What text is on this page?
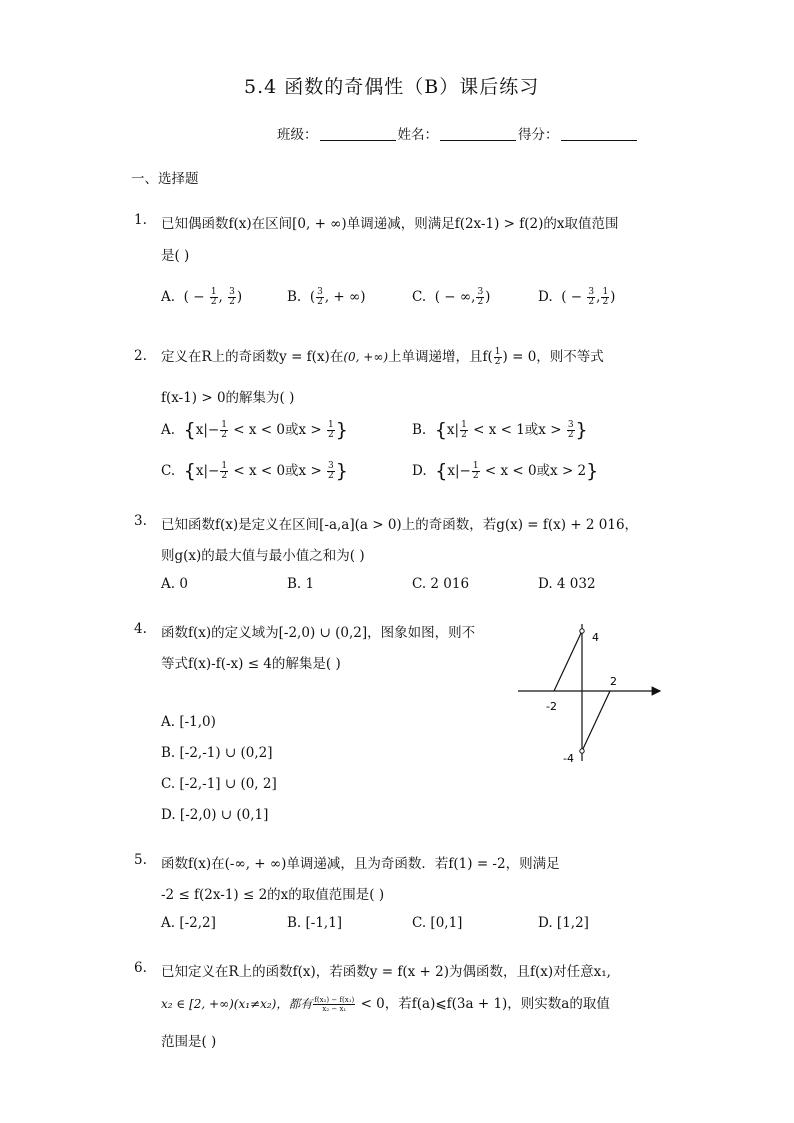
5.4 函数的奇偶性（B）课后练习
班级：	姓名：	得分：
一、选择题
1. 已知偶函数f(x)在区间[0, + ∞)单调递减，则满足f(2x-1) > f(2)的x取值范围
是( )
A. ( − $\frac{1}{2}$ , $\frac{3}{2}$ )	B. ( $\frac{3}{2}$ , + ∞)	C. ( − ∞, $\frac{3}{2}$ )	D. ( − $\frac{3}{2}$ , $\frac{1}{2}$ )
2. 定义在R上的奇函数y = f(x)在(0, +∞)上单调递增，且$f( \frac{1}{2}$ ) = 0，则不等式
f(x-1) > 0的解集为( )
A. {$x|- \frac{1}{2} < x < 0$或$x > \frac{1}{2}$ }	B. {$x| \frac{1}{2} < x < 1$或$x > \frac{3}{2}$ }
C. {$x|- \frac{1}{2} < x < 0$或$x > \frac{3}{2}$ }	D. {$x|- \frac{1}{2} < x < 0$或x > 2}
3. 已知函数f(x)是定义在区间[-a,a](a > 0)上的奇函数，若g(x) = f(x) + 2 016，
则g(x)的最大值与最小值之和为( )
A. 0	B. 1	C. 2 016	D. 4 032
4. 函数f(x)的定义域为[-2,0) ∪ (0,2]，图象如图，则不
等式f(x)-f(-x) ≤ 4的解集是( )
A. [-1,0)
B. [-2,-1) ∪ (0,2]
C. [-2,-1] ∪ (0, 2]
D. [-2,0) ∪ (0,1]
4
2
-2
-4
5. 函数f(x)在(-∞, + ∞)单调递减，且为奇函数．若f(1) = -2，则满足
-2 ≤ f(2x-1) ≤ 2的x的取值范围是( )
A. [-2,2]	B. [-1,1]	C. [0,1]	D. [1,2]
6. 已知定义在R上的函数f(x)，若函数y = f(x + 2)为偶函数，且f(x)对任意x₁,
x₂ ∈ [2, +∞)(x₁≠x₂)，都有 $\frac{\text{f(x₂) − f(x₁)}}{\text{x₂ − x₁}} < 0$，若f(a)⩽f(3a + 1)，则实数a的取值
范围是( )
